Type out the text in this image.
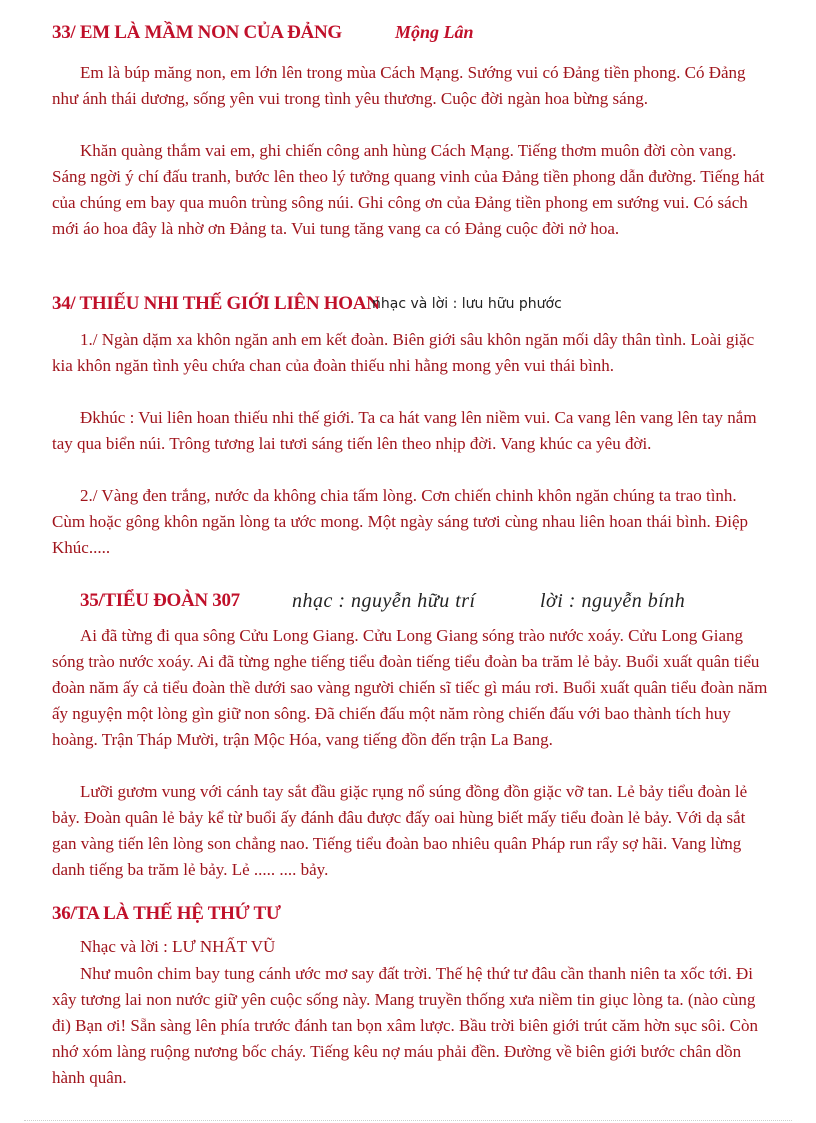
33/ EM LÀ MẦM NON CỦA ĐẢNG	Mộng Lân

Em là búp măng non, em lớn lên trong mùa Cách Mạng. Sướng vui có Đảng tiền phong. Có Đảng như ánh thái dương, sống yên vui trong tình yêu thương. Cuộc đời ngàn hoa bừng sáng.

Khăn quàng thắm vai em, ghi chiến công anh hùng Cách Mạng. Tiếng thơm muôn đời còn vang. Sáng ngời ý chí đấu tranh, bước lên theo lý tưởng quang vinh của Đảng tiền phong dẫn đường. Tiếng hát của chúng em bay qua muôn trùng sông núi. Ghi công ơn của Đảng tiền phong em sướng vui. Có sách mới áo hoa đây là nhờ ơn Đảng ta. Vui tung tăng vang ca có Đảng cuộc đời nở hoa.

34/ THIẾU NHI THẾ GIỚI LIÊN HOAN
nhạc và lời : lưu hữu phước

1./ Ngàn dặm xa khôn ngăn anh em kết đoàn. Biên giới sâu khôn ngăn mối dây thân tình. Loài giặc kia khôn ngăn tình yêu chứa chan của đoàn thiếu nhi hằng mong yên vui thái bình.

Đkhúc : Vui liên hoan thiếu nhi thế giới. Ta ca hát vang lên niềm vui. Ca vang lên vang lên tay nắm tay qua biển núi. Trông tương lai tươi sáng tiến lên theo nhịp đời. Vang khúc ca yêu đời.

2./ Vàng đen trắng, nước da không chia tấm lòng. Cơn chiến chinh khôn ngăn chúng ta trao tình. Cùm hoặc gông khôn ngăn lòng ta ước mong. Một ngày sáng tươi cùng nhau liên hoan thái bình. Điệp Khúc.....

35/TIỂU ĐOÀN 307	nhạc : nguyễn hữu trí	lời : nguyễn bính

Ai đã từng đi qua sông Cửu Long Giang. Cửu Long Giang sóng trào nước xoáy. Cửu Long Giang sóng trào nước xoáy. Ai đã từng nghe tiếng tiểu đoàn tiếng tiểu đoàn ba trăm lẻ bảy. Buổi xuất quân tiểu đoàn năm ấy cả tiểu đoàn thề dưới sao vàng người chiến sĩ tiếc gì máu rơi. Buổi xuất quân tiểu đoàn năm ấy nguyện một lòng gìn giữ non sông. Đã chiến đấu một năm ròng chiến đấu với bao thành tích huy hoàng. Trận Tháp Mười, trận Mộc Hóa, vang tiếng đồn đến trận La Bang.

Lưỡi gươm vung với cánh tay sắt đầu giặc rụng nổ súng đồng đồn giặc vỡ tan. Lẻ bảy tiểu đoàn lẻ bảy. Đoàn quân lẻ bảy kể từ buổi ấy đánh đâu được đấy oai hùng biết mấy tiểu đoàn lẻ bảy. Với dạ sắt gan vàng tiến lên lòng son chẳng nao. Tiếng tiểu đoàn bao nhiêu quân Pháp run rẩy sợ hãi. Vang lừng danh tiếng ba trăm lẻ bảy. Lẻ ..... .... bảy.

36/TA LÀ THẾ HỆ THỨ TƯ
Nhạc và lời : LƯ NHẤT VŨ

Như muôn chim bay tung cánh ước mơ say đất trời. Thế hệ thứ tư đâu cần thanh niên ta xốc tới. Đi xây tương lai non nước giữ yên cuộc sống này. Mang truyền thống xưa niềm tin giục lòng ta. (nào cùng đi) Bạn ơi! Sẵn sàng lên phía trước đánh tan bọn xâm lược. Bầu trời biên giới trút căm hờn sục sôi. Còn nhớ xóm làng ruộng nương bốc cháy. Tiếng kêu nợ máu phải đền. Đường về biên giới bước chân dồn hành quân.
